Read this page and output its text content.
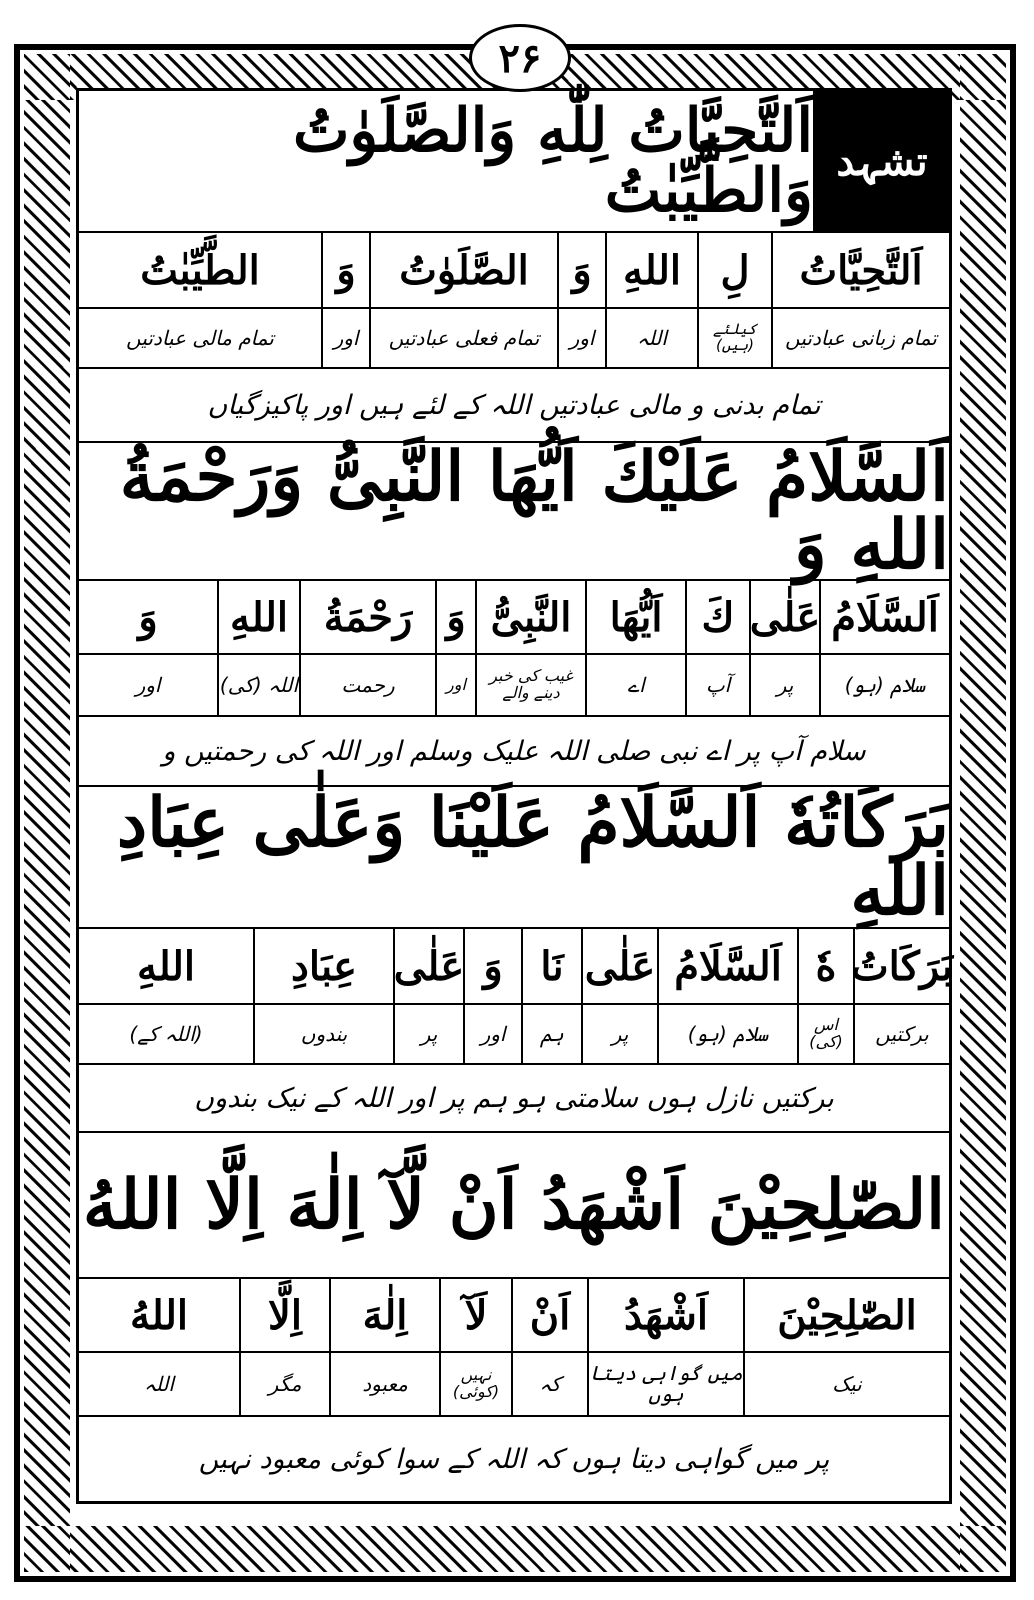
۲۶
تشہد
اَلتَّحِیَّاتُ لِلّٰهِ وَالصَّلَوٰتُ وَالطَّیِّبٰتُ
اَلتَّحِیَّاتُ
لِ
اللهِ
وَ
الصَّلَوٰتُ
وَ
الطَّیِّبٰتُ
تمام زبانی عبادتیں
کیلئے (ہیں)
اللہ
اور
تمام فعلی عبادتیں
اور
تمام مالی عبادتیں
تمام بدنی و مالی عبادتیں اللہ کے لئے ہیں اور پاکیزگیاں
اَلسَّلَامُ عَلَیْكَ اَیُّهَا النَّبِیُّ وَرَحْمَةُ اللهِ وَ
اَلسَّلَامُ
عَلٰی
كَ
اَیُّهَا
النَّبِیُّ
وَ
رَحْمَةُ
اللهِ
وَ
سلام (ہو)
پر
آپ
اے
غیب کی خبر دینے والے
اور
رحمت
اللہ (کی)
اور
سلام آپ پر اے نبی صلی اللہ علیک وسلم اور اللہ کی رحمتیں و
بَرَكَاتُهٗ اَلسَّلَامُ عَلَیْنَا وَعَلٰی عِبَادِ اللهِ
بَرَكَاتُ
هٗ
اَلسَّلَامُ
عَلٰی
نَا
وَ
عَلٰی
عِبَادِ
اللهِ
برکتیں
اس (کی)
سلام (ہو)
پر
ہم
اور
پر
بندوں
(اللہ کے)
برکتیں نازل ہوں سلامتی ہو ہم پر اور اللہ کے نیک بندوں
الصّٰلِحِیْنَ اَشْهَدُ اَنْ لَّآ اِلٰهَ اِلَّا اللهُ
الصّٰلِحِیْنَ
اَشْهَدُ
اَنْ
لَآ
اِلٰهَ
اِلَّا
اللهُ
نیک
میں گواہی دیتا ہوں
کہ
نہیں (کوئی)
معبود
مگر
اللہ
پر میں گواہی دیتا ہوں کہ اللہ کے سوا کوئی معبود نہیں
